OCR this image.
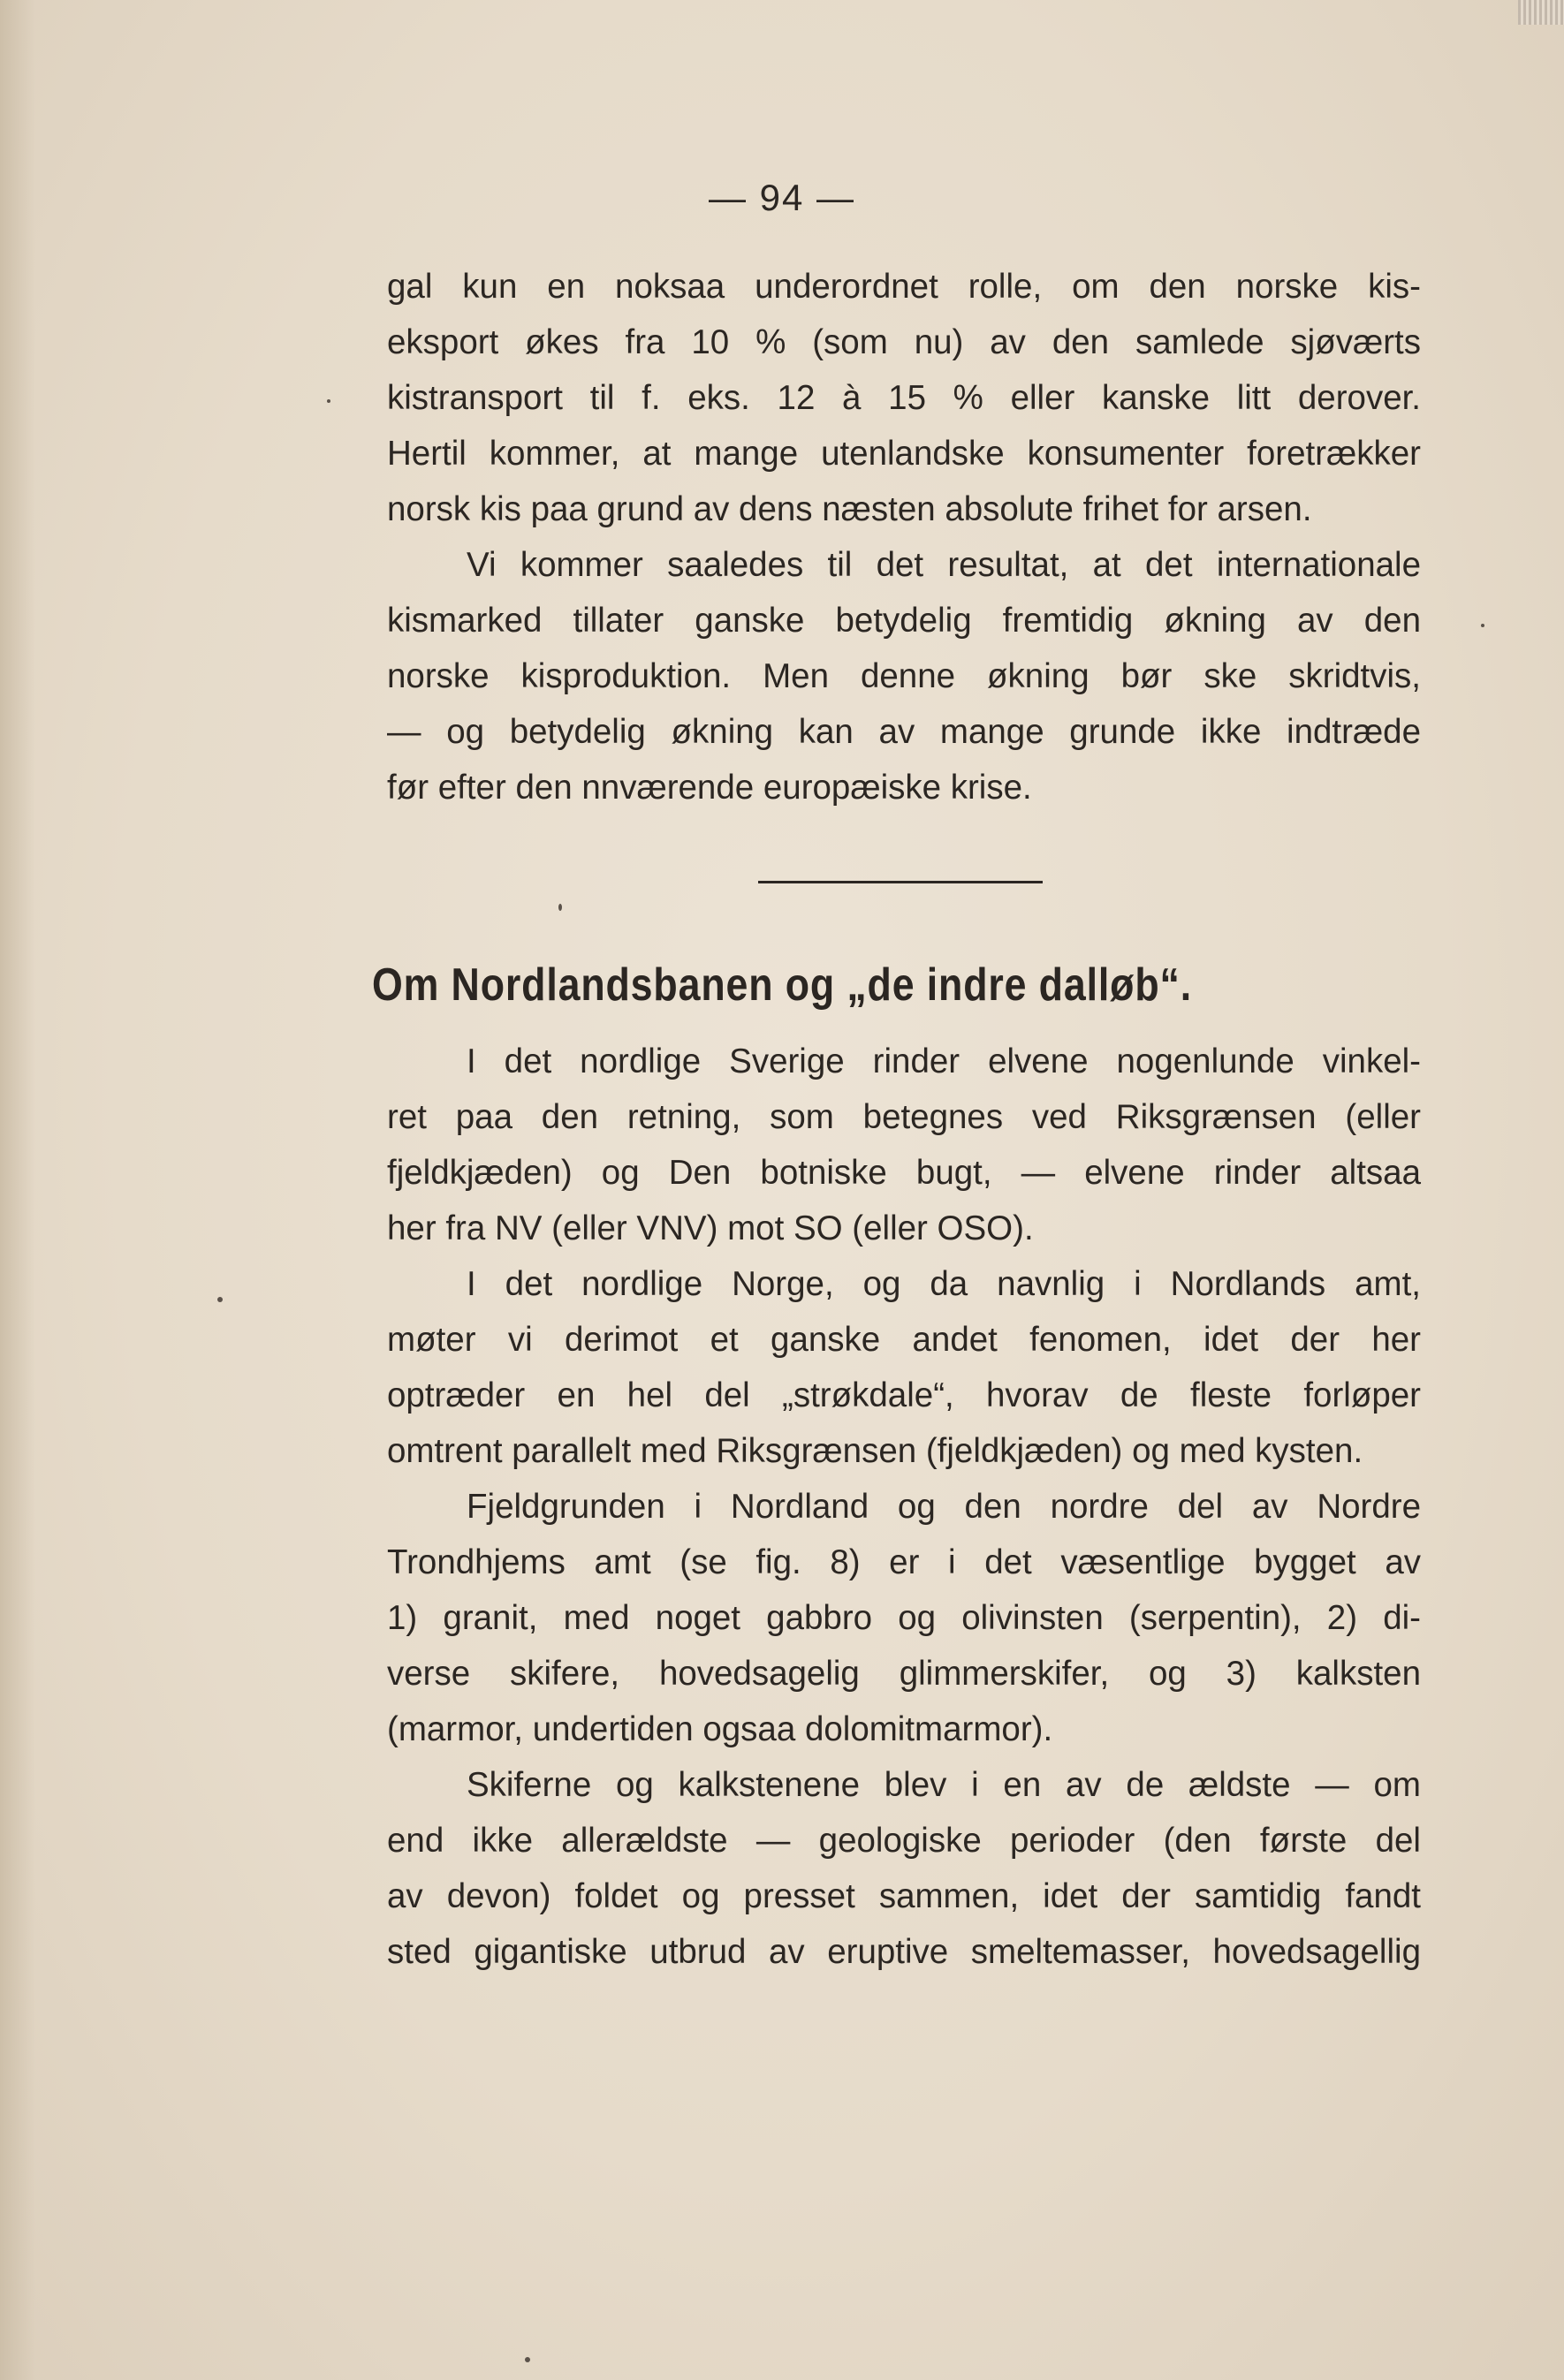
— 94 —
gal kun en noksaa underordnet rolle, om den norske kis-
eksport økes fra 10 % (som nu) av den samlede sjøværts
kistransport til f. eks. 12 à 15 % eller kanske litt derover.
Hertil kommer, at mange utenlandske konsumenter foretrækker
norsk kis paa grund av dens næsten absolute frihet for arsen.
Vi kommer saaledes til det resultat, at det internationale
kismarked tillater ganske betydelig fremtidig økning av den
norske kisproduktion. Men denne økning bør ske skridtvis,
— og betydelig økning kan av mange grunde ikke indtræde
før efter den nnværende europæiske krise.
Om Nordlandsbanen og „de indre dalløb“.
I det nordlige Sverige rinder elvene nogenlunde vinkel-
ret paa den retning, som betegnes ved Riksgrænsen (eller
fjeldkjæden) og Den botniske bugt, — elvene rinder altsaa
her fra NV (eller VNV) mot SO (eller OSO).
I det nordlige Norge, og da navnlig i Nordlands amt,
møter vi derimot et ganske andet fenomen, idet der her
optræder en hel del „strøkdale“, hvorav de fleste forløper
omtrent parallelt med Riksgrænsen (fjeldkjæden) og med kysten.
Fjeldgrunden i Nordland og den nordre del av Nordre
Trondhjems amt (se fig. 8) er i det væsentlige bygget av
1) granit, med noget gabbro og olivinsten (serpentin), 2) di-
verse skifere, hovedsagelig glimmerskifer, og 3) kalksten
(marmor, undertiden ogsaa dolomitmarmor).
Skiferne og kalkstenene blev i en av de ældste — om
end ikke allerældste — geologiske perioder (den første del
av devon) foldet og presset sammen, idet der samtidig fandt
sted gigantiske utbrud av eruptive smeltemasser, hovedsagellig
